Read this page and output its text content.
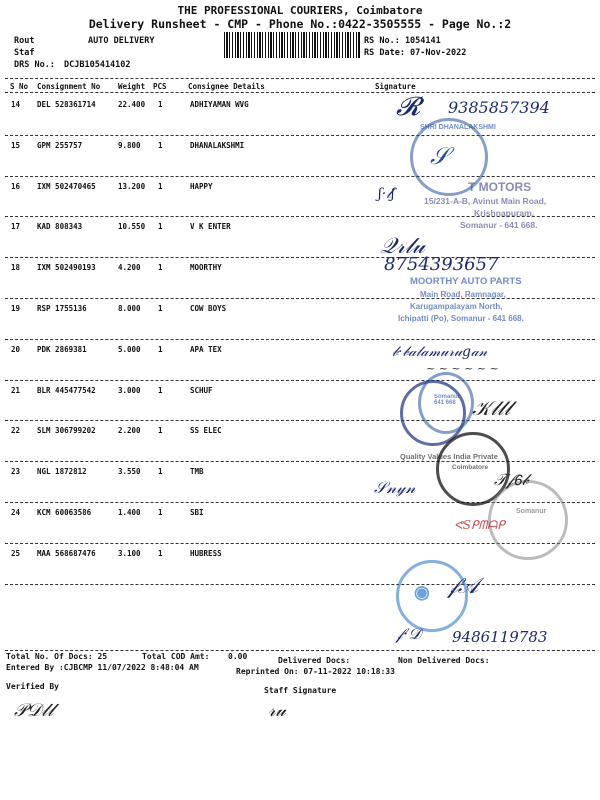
THE PROFESSIONAL COURIERS, Coimbatore
Delivery Runsheet - CMP - Phone No.:0422-3505555 - Page No.:2
Rout	AUTO DELIVERY
Staf
DRS No.: DCJB105414102
RS No.: 1054141
RS Date: 07-Nov-2022
S No Consignment No Weight PCS	Consignee Details	Signature
14 DEL 528361714	22.400 1	ADHIYAMAN WVG
15 GPM 255757	9.800 1	DHANALAKSHMI
16 IXM 502470465	13.200 1	HAPPY
17 KAD 808343	10.550 1	V K ENTER
18 IXM 502490193	4.200 1	MOORTHY
19 RSP 1755136	8.000 1	COW BOYS
20 PDK 2869381	5.000 1	APA TEX
21 BLR 445477542	3.000 1	SCHUF
22 SLM 306799202	2.200 1	SS ELEC
23 NGL 1872812	3.550 1	TMB
24 KCM 60063586	1.400 1	SBI
25 MAA 568687476	3.100 1	HUBRESS
𝓡 9385857394
SHRI DHANALAKSHMI
𝒮
T MOTORS
15/231-A-B, Avinut Main Road,
Krishnapuram,
Somanur - 641 668.
ʃ·𝓁ʃ
𝒬𝓇𝓁𝓊
8754393657
MOORTHY AUTO PARTS
Main Road, Ramnagar,
Karugampalayam North,
Ichipatti (Po), Somanur - 641 668.
𝒷·𝒷𝒶𝓁𝒶𝓂𝓊𝓇𝓊𝑔𝒶𝓃
~ ~ ~ ~ ~ ~
Somanur 641 668 𝒦𝓁𝓁𝓁
Quality Values India Private
Coimbatore
𝒮𝓃𝓎𝓃
Somanur
𝒯𝒻𝟨𝒷
ᕙSᑭᗰᗩᑭ
◉ 𝒻𝒜
𝒻·𝒟 9486119783
Total No. Of Docs: 25	Total COD Amt: 0.00	Delivered Docs:	Non Delivered Docs:
Entered By :CJBCMP 11/07/2022 8:48:04 AM	Reprinted On: 07-11-2022 10:18:33
Verified By	Staff Signature
𝒫𝒟𝓁𝓁	𝓇𝓊
